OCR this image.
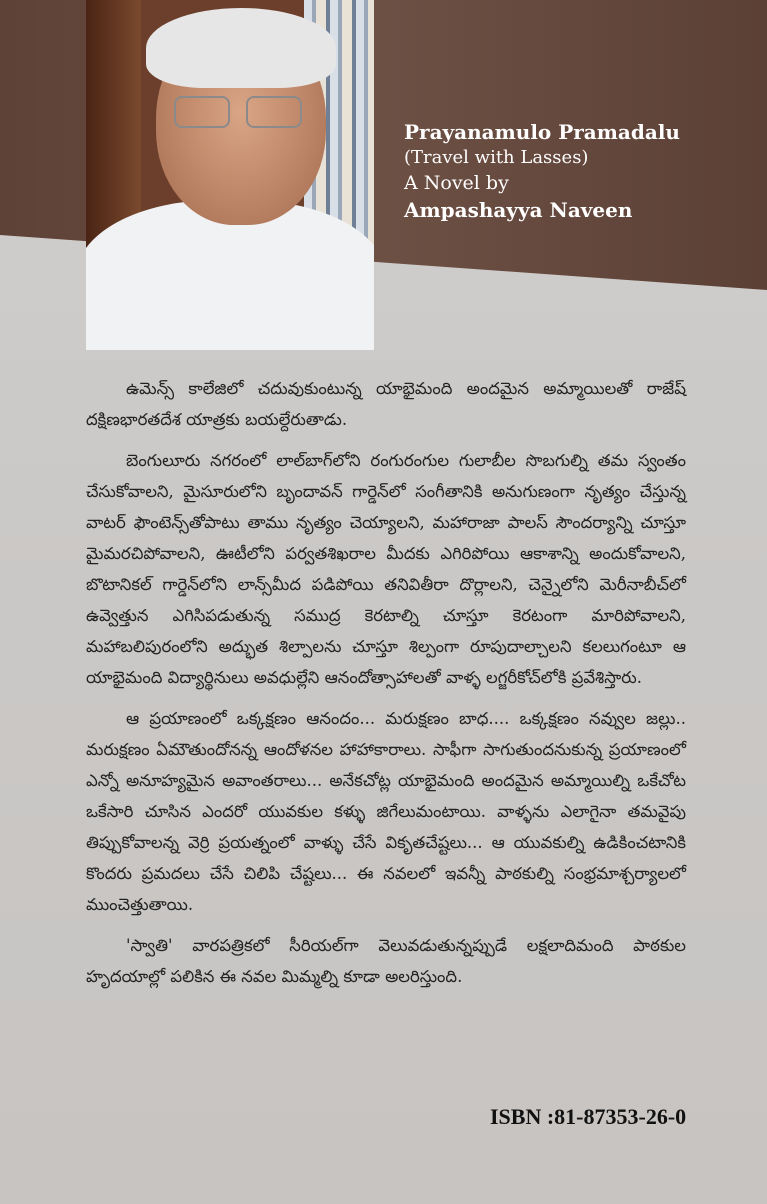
Prayanamulo Pramadalu
(Travel with Lasses)
A Novel by
Ampashayya Naveen

ఉమెన్స్ కాలేజిలో చదువుకుంటున్న యాభైమంది అందమైన అమ్మాయిలతో రాజేష్ దక్షిణభారతదేశ యాత్రకు బయల్దేరుతాడు.

బెంగులూరు నగరంలో లాల్‌బాగ్‌లోని రంగురంగుల గులాబీల సొబగుల్ని తమ స్వంతం చేసుకోవాలని, మైసూరులోని బృందావన్ గార్డెన్‌లో సంగీతానికి అనుగుణంగా నృత్యం చేస్తున్న వాటర్ ఫౌంటెన్స్‌తోపాటు తాము నృత్యం చెయ్యాలని, మహారాజా పాలస్ సౌందర్యాన్ని చూస్తూ మైమరచిపోవాలని, ఊటీలోని పర్వతశిఖరాల మీదకు ఎగిరిపోయి ఆకాశాన్ని అందుకోవాలని, బొటానికల్ గార్డెన్‌లోని లాన్స్‌మీద పడిపోయి తనివితీరా దొర్లాలని, చెన్నైలోని మెరీనాబీచ్‌లో ఉవ్వెత్తున ఎగిసిపడుతున్న సముద్ర కెరటాల్ని చూస్తూ కెరటంగా మారిపోవాలని, మహాబలిపురంలోని అద్భుత శిల్పాలను చూస్తూ శిల్పంగా రూపుదాల్చాలని కలలుగంటూ ఆ యాభైమంది విద్యార్థినులు అవధుల్లేని ఆనందోత్సాహాలతో వాళ్ళ లగ్జరీకోచ్‌లోకి ప్రవేశిస్తారు.

ఆ ప్రయాణంలో ఒక్కక్షణం ఆనందం... మరుక్షణం బాధ.... ఒక్కక్షణం నవ్వుల జల్లు.. మరుక్షణం ఏమౌతుందోనన్న ఆందోళనల హాహాకారాలు. సాఫీగా సాగుతుందనుకున్న ప్రయాణంలో ఎన్నో అనూహ్యమైన అవాంతరాలు... అనేకచోట్ల యాభైమంది అందమైన అమ్మాయిల్ని ఒకేచోట ఒకేసారి చూసిన ఎందరో యువకుల కళ్ళు జిగేలుమంటాయి. వాళ్ళను ఎలాగైనా తమవైపు తిప్పుకోవాలన్న వెర్రి ప్రయత్నంలో వాళ్ళు చేసే వికృతచేష్టలు... ఆ యువకుల్ని ఉడికించటానికి కొందరు ప్రమదలు చేసే చిలిపి చేష్టలు... ఈ నవలలో ఇవన్నీ పాఠకుల్ని సంభ్రమాశ్చర్యాలలో ముంచెత్తుతాయి.

'స్వాతి' వారపత్రికలో సీరియల్‌గా వెలువడుతున్నప్పుడే లక్షలాదిమంది పాఠకుల హృదయాల్లో పలికిన ఈ నవల మిమ్మల్ని కూడా అలరిస్తుంది.

ISBN :81-87353-26-0
